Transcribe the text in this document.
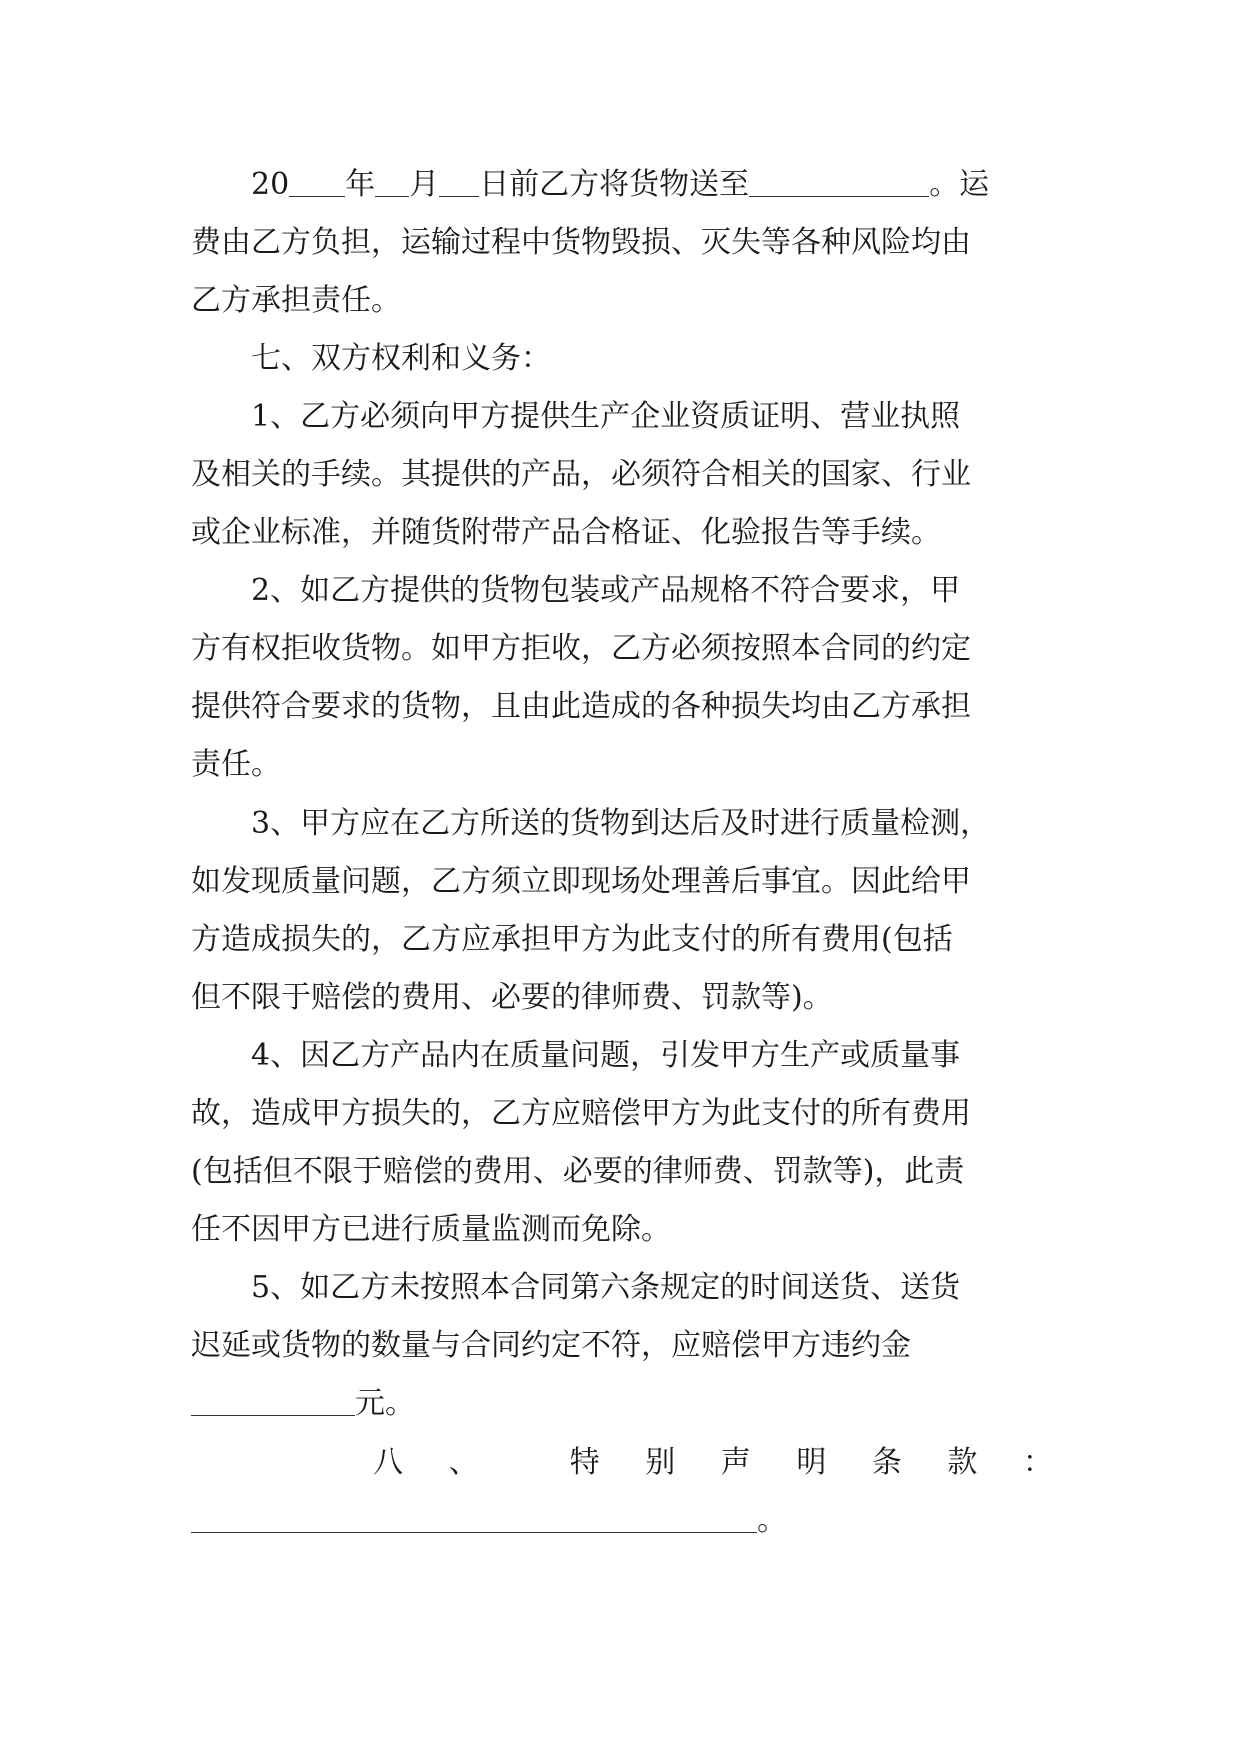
20 年 月 日前乙方将货物送至	。运
费由乙方负担，运输过程中货物毁损、灭失等各种风险均由
乙方承担责任。
七、双方权利和义务：
1、乙方必须向甲方提供生产企业资质证明、营业执照
及相关的手续。其提供的产品，必须符合相关的国家、行业
或企业标准，并随货附带产品合格证、化验报告等手续。
2、如乙方提供的货物包装或产品规格不符合要求，甲
方有权拒收货物。如甲方拒收，乙方必须按照本合同的约定
提供符合要求的货物，且由此造成的各种损失均由乙方承担
责任。
3、甲方应在乙方所送的货物到达后及时进行质量检测，
如发现质量问题，乙方须立即现场处理善后事宜。因此给甲
方造成损失的，乙方应承担甲方为此支付的所有费用(包括
但不限于赔偿的费用、必要的律师费、罚款等)。
4、因乙方产品内在质量问题，引发甲方生产或质量事
故，造成甲方损失的，乙方应赔偿甲方为此支付的所有费用
(包括但不限于赔偿的费用、必要的律师费、罚款等)，此责
任不因甲方已进行质量监测而免除。
5、如乙方未按照本合同第六条规定的时间送货、送货
迟延或货物的数量与合同约定不符，应赔偿甲方违约金
元。
八 、	特 别 声 明 条 款 ：
。
